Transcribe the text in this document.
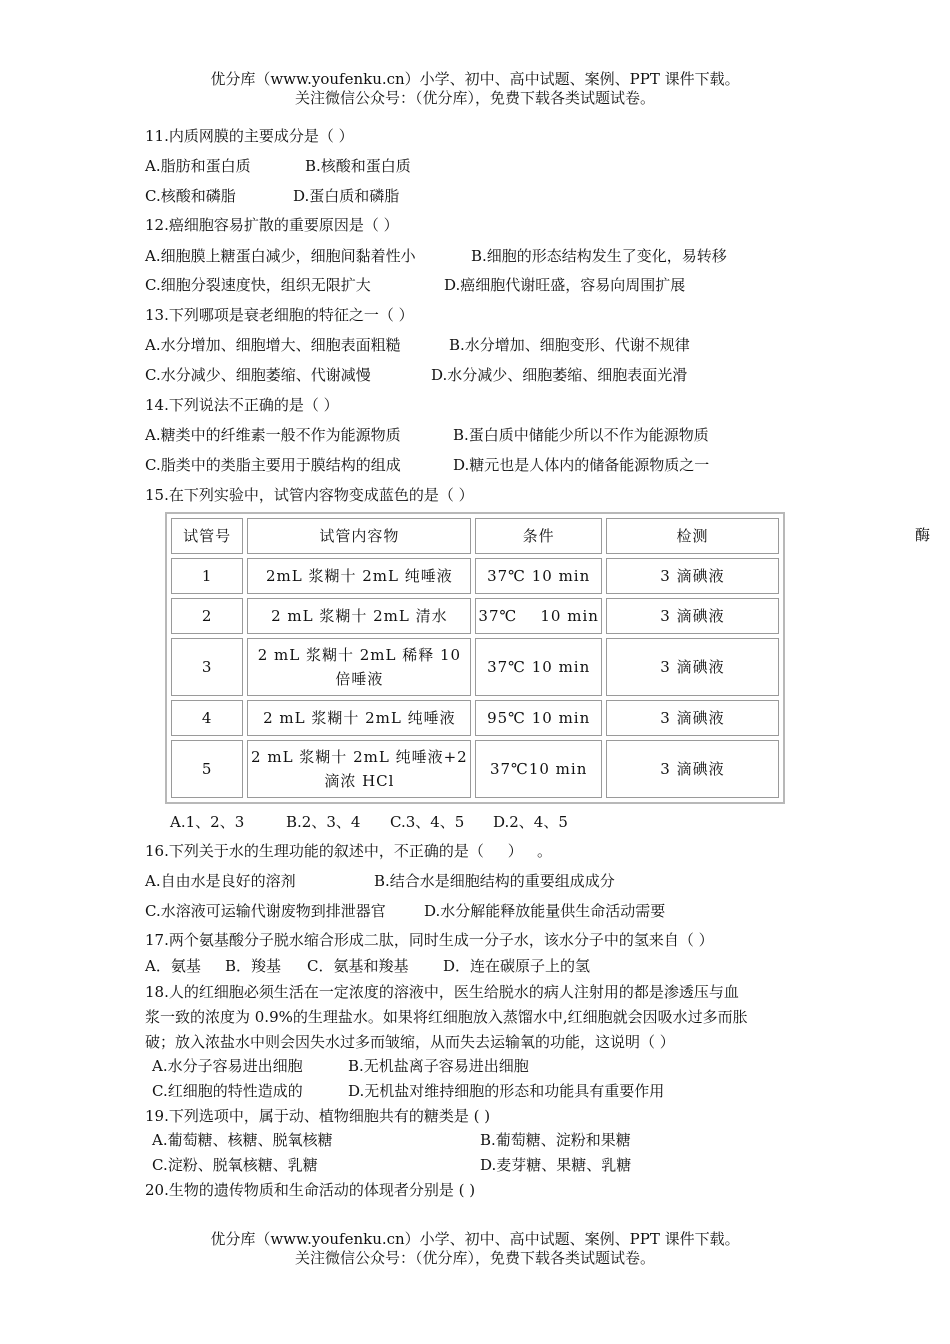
优分库（www.youfenku.cn）小学、初中、高中试题、案例、PPT 课件下载。
关注微信公众号：（优分库），免费下载各类试题试卷。
11.内质网膜的主要成分是（ ）
A.脂肪和蛋白质	B.核酸和蛋白质
C.核酸和磷脂	D.蛋白质和磷脂
12.癌细胞容易扩散的重要原因是（ ）
A.细胞膜上糖蛋白减少，细胞间黏着性小	B.细胞的形态结构发生了变化，易转移
C.细胞分裂速度快，组织无限扩大	D.癌细胞代谢旺盛，容易向周围扩展
13.下列哪项是衰老细胞的特征之一（ ）
A.水分增加、细胞增大、细胞表面粗糙	B.水分增加、细胞变形、代谢不规律
C.水分减少、细胞萎缩、代谢减慢	D.水分减少、细胞萎缩、细胞表面光滑
14.下列说法不正确的是（ ）
A.糖类中的纤维素一般不作为能源物质	B.蛋白质中储能少所以不作为能源物质
C.脂类中的类脂主要用于膜结构的组成	D.糖元也是人体内的储备能源物质之一
15.在下列实验中，试管内容物变成蓝色的是（ ）
酶
试管号	试管内容物	条件	检测
1	2mL 浆糊十 2mL 纯唾液	37℃ 10 min	3 滴碘液
2	2 mL 浆糊十 2mL 清水	37℃    10 min	3 滴碘液
3	2 mL 浆糊十 2mL 稀释 10 倍唾液	37℃ 10 min	3 滴碘液
4	2 mL 浆糊十 2mL 纯唾液	95℃ 10 min	3 滴碘液
5	2 mL 浆糊十 2mL 纯唾液+2 滴浓 HCl	37℃10 min	3 滴碘液
A.1、2、3	B.2、3、4 C.3、4、5 D.2、4、5
16.下列关于水的生理功能的叙述中，不正确的是（     ）   。
A.自由水是良好的溶剂	B.结合水是细胞结构的重要组成成分
C.水溶液可运输代谢废物到排泄器官	D.水分解能释放能量供生命活动需要
17.两个氨基酸分子脱水缩合形成二肽，同时生成一分子水，该水分子中的氢来自（ ）
A．氨基 B．羧基 C．氨基和羧基 D．连在碳原子上的氢
18.人的红细胞必须生活在一定浓度的溶液中，医生给脱水的病人注射用的都是渗透压与血
浆一致的浓度为 0.9%的生理盐水。如果将红细胞放入蒸馏水中,红细胞就会因吸水过多而胀
破；放入浓盐水中则会因失水过多而皱缩，从而失去运输氧的功能，这说明（ ）
A.水分子容易进出细胞	B.无机盐离子容易进出细胞
C.红细胞的特性造成的	D.无机盐对维持细胞的形态和功能具有重要作用
19.下列选项中，属于动、植物细胞共有的糖类是 ( )
A.葡萄糖、核糖、脱氧核糖	B.葡萄糖、淀粉和果糖
C.淀粉、脱氧核糖、乳糖	D.麦芽糖、果糖、乳糖
20.生物的遗传物质和生命活动的体现者分别是 ( )
优分库（www.youfenku.cn）小学、初中、高中试题、案例、PPT 课件下载。
关注微信公众号：（优分库），免费下载各类试题试卷。
